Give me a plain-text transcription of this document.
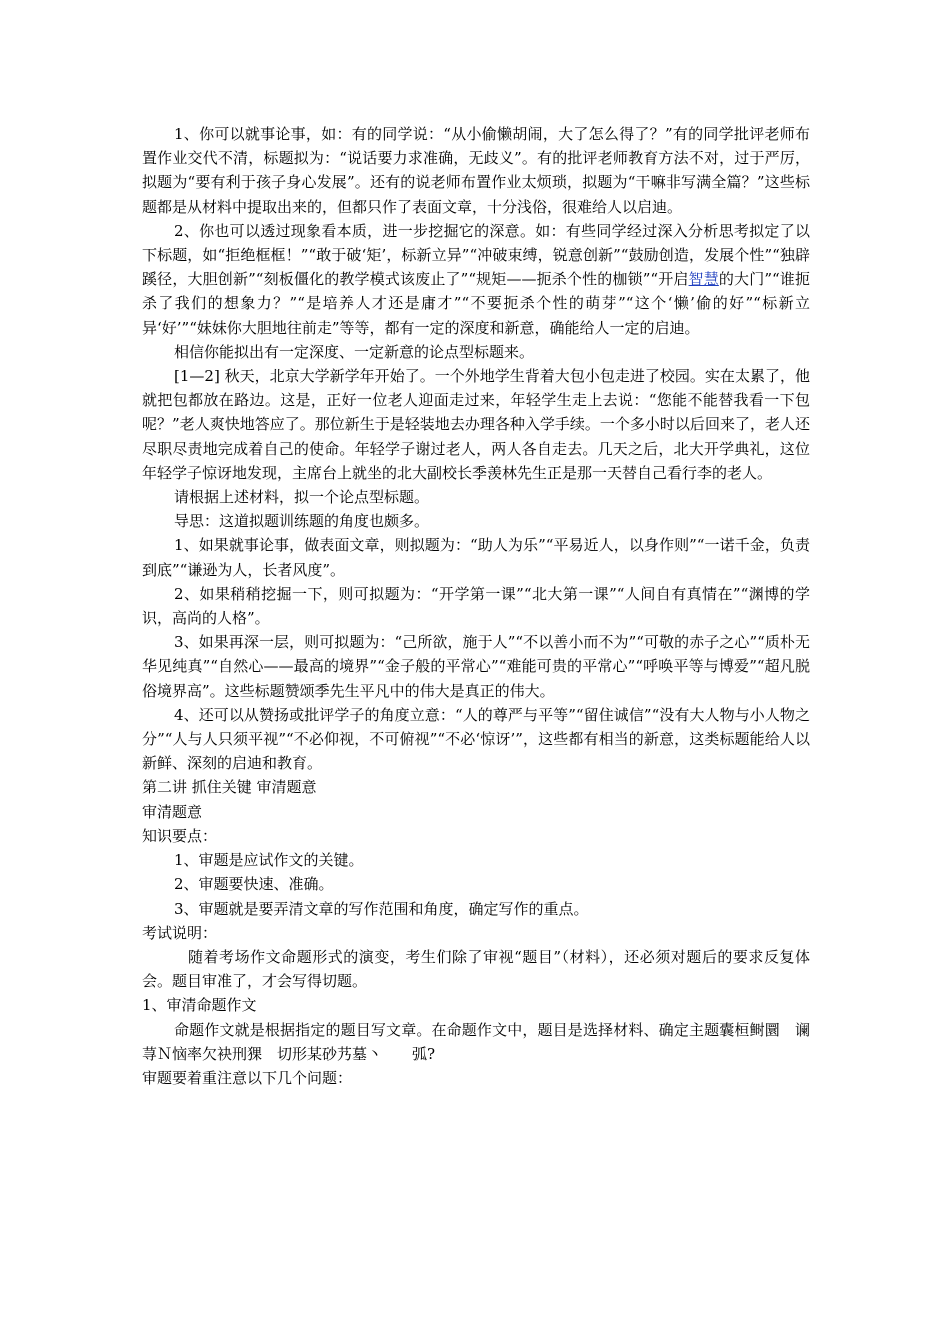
1、你可以就事论事，如：有的同学说：“从小偷懒胡闹，大了怎么得了？”有的同学批评老师布置作业交代不清，标题拟为：“说话要力求准确，无歧义”。有的批评老师教育方法不对，过于严厉，拟题为“要有利于孩子身心发展”。还有的说老师布置作业太烦琐，拟题为“干嘛非写满全篇？”这些标题都是从材料中提取出来的，但都只作了表面文章，十分浅俗，很难给人以启迪。

2、你也可以透过现象看本质，进一步挖掘它的深意。如：有些同学经过深入分析思考拟定了以下标题，如“拒绝框框！”“敢于破‘矩’，标新立异”“冲破束缚，锐意创新”“鼓励创造，发展个性”“独辟蹊径，大胆创新”“刻板僵化的教学模式该废止了”“规矩——扼杀个性的枷锁”“开启智慧的大门”“谁扼杀了我们的想象力？”“是培养人才还是庸才”“不要扼杀个性的萌芽”“这个‘懒’偷的好”“标新立异‘好’”“妹妹你大胆地往前走”等等，都有一定的深度和新意，确能给人一定的启迪。

相信你能拟出有一定深度、一定新意的论点型标题来。

[1—2] 秋天，北京大学新学年开始了。一个外地学生背着大包小包走进了校园。实在太累了，他就把包都放在路边。这是，正好一位老人迎面走过来，年轻学生走上去说：“您能不能替我看一下包呢？”老人爽快地答应了。那位新生于是轻装地去办理各种入学手续。一个多小时以后回来了，老人还尽职尽责地完成着自己的使命。年轻学子谢过老人，两人各自走去。几天之后，北大开学典礼，这位年轻学子惊讶地发现，主席台上就坐的北大副校长季羡林先生正是那一天替自己看行李的老人。

请根据上述材料，拟一个论点型标题。

导思：这道拟题训练题的角度也颇多。

1、如果就事论事，做表面文章，则拟题为：“助人为乐”“平易近人，以身作则”“一诺千金，负责到底”“谦逊为人，长者风度”。

2、如果稍稍挖掘一下，则可拟题为：“开学第一课”“北大第一课”“人间自有真情在”“渊博的学识，高尚的人格”。

3、如果再深一层，则可拟题为：“己所欲，施于人”“不以善小而不为”“可敬的赤子之心”“质朴无华见纯真”“自然心——最高的境界”“金子般的平常心”“难能可贵的平常心”“呼唤平等与博爱”“超凡脱俗境界高”。这些标题赞颂季先生平凡中的伟大是真正的伟大。

4、还可以从赞扬或批评学子的角度立意：“人的尊严与平等”“留住诚信”“没有大人物与小人物之分”“人与人只须平视”“不必仰视，不可俯视”“不必‘惊讶’”，这些都有相当的新意，这类标题能给人以新鲜、深刻的启迪和教育。

第二讲 抓住关键 审清题意

审清题意

知识要点：

1、审题是应试作文的关键。

2、审题要快速、准确。

3、审题就是要弄清文章的写作范围和角度，确定写作的重点。

考试说明：

随着考场作文命题形式的演变，考生们除了审视“题目”（材料），还必须对题后的要求反复体会。题目审准了，才会写得切题。

1、审清命题作文

命题作文就是根据指定的题目写文章。在命题作文中，题目是选择材料、确定主题囊桓鲥圜　谰荨Ｎ恼率欠袂刑猓　切形某砂艿墓丶　　弧?

审题要着重注意以下几个问题：
